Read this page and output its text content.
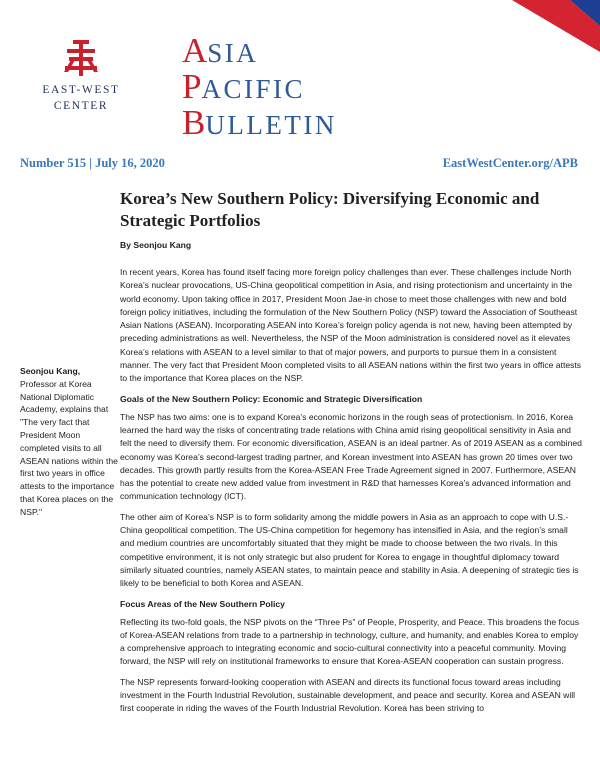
EAST-WEST
CENTER
ASIA
PACIFIC
BULLETIN
Number 515 | July 16, 2020	EastWestCenter.org/APB
Korea’s New Southern Policy: Diversifying Economic and Strategic Portfolios
By Seonjou Kang
Seonjou Kang, Professor at Korea National Diplomatic Academy, explains that "The very fact that President Moon completed visits to all ASEAN nations within the first two years in office attests to the importance that Korea places on the NSP."

In recent years, Korea has found itself facing more foreign policy challenges than ever. These challenges include North Korea’s nuclear provocations, US-China geopolitical competition in Asia, and rising protectionism and uncertainty in the world economy. Upon taking office in 2017, President Moon Jae-in chose to meet those challenges with new and bold foreign policy initiatives, including the formulation of the New Southern Policy (NSP) toward the Association of Southeast Asian Nations (ASEAN). Incorporating ASEAN into Korea’s foreign policy agenda is not new, having been attempted by preceding administrations as well. Nevertheless, the NSP of the Moon administration is considered novel as it elevates Korea’s relations with ASEAN to a level similar to that of major powers, and purports to pursue them in a consistent manner. The very fact that President Moon completed visits to all ASEAN nations within the first two years in office attests to the importance that Korea places on the NSP.

Goals of the New Southern Policy: Economic and Strategic Diversification

The NSP has two aims: one is to expand Korea’s economic horizons in the rough seas of protectionism. In 2016, Korea learned the hard way the risks of concentrating trade relations with China amid rising geopolitical sensitivity in Asia and felt the need to diversify them. For economic diversification, ASEAN is an ideal partner. As of 2019 ASEAN as a combined economy was Korea’s second-largest trading partner, and Korean investment into ASEAN has grown 20 times over two decades. This growth partly results from the Korea-ASEAN Free Trade Agreement signed in 2007. Furthermore, ASEAN has the potential to create new added value from investment in R&D that harnesses Korea’s advanced information and communication technology (ICT).

The other aim of Korea’s NSP is to form solidarity among the middle powers in Asia as an approach to cope with U.S.-China geopolitical competition. The US-China competition for hegemony has intensified in Asia, and the region’s small and medium countries are uncomfortably situated that they might be made to choose between the two rivals. In this competitive environment, it is not only strategic but also prudent for Korea to engage in thoughtful diplomacy toward similarly situated countries, namely ASEAN states, to maintain peace and stability in Asia. A deepening of strategic ties is likely to be beneficial to both Korea and ASEAN.

Focus Areas of the New Southern Policy

Reflecting its two-fold goals, the NSP pivots on the “Three Ps” of People, Prosperity, and Peace. This broadens the focus of Korea-ASEAN relations from trade to a partnership in technology, culture, and humanity, and enables Korea to employ a comprehensive approach to integrating economic and socio-cultural connectivity into a peaceful community. Moving forward, the NSP will rely on institutional frameworks to ensure that Korea-ASEAN cooperation can sustain progress.

The NSP represents forward-looking cooperation with ASEAN and directs its functional focus toward areas including investment in the Fourth Industrial Revolution, sustainable development, and peace and security. Korea and ASEAN will first cooperate in riding the waves of the Fourth Industrial Revolution. Korea has been striving to
